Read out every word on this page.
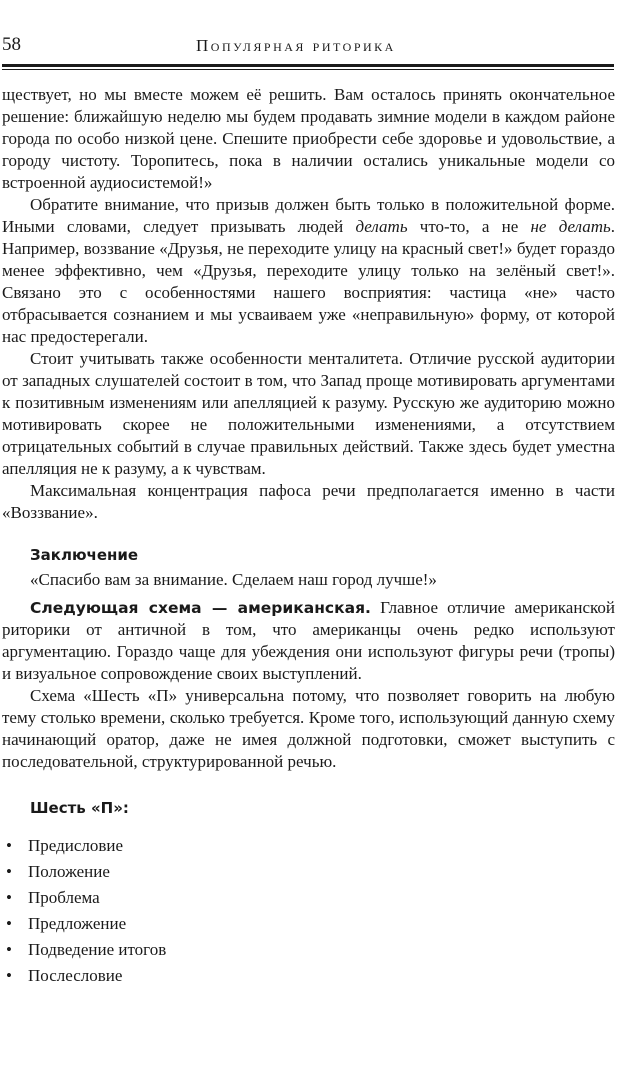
58	Популярная риторика

ществует, но мы вместе можем её решить. Вам осталось принять окончательное решение: ближайшую неделю мы будем продавать зимние модели в каждом районе города по особо низкой цене. Спешите приобрести себе здоровье и удовольствие, а городу чистоту. Торопитесь, пока в наличии остались уникальные модели со встроенной аудиосистемой!»

Обратите внимание, что призыв должен быть только в положительной форме. Иными словами, следует призывать людей делать что-то, а не не делать. Например, воззвание «Друзья, не переходите улицу на красный свет!» будет гораздо менее эффективно, чем «Друзья, переходите улицу только на зелёный свет!». Связано это с особенностями нашего восприятия: частица «не» часто отбрасывается сознанием и мы усваиваем уже «неправильную» форму, от которой нас предостерегали.

Стоит учитывать также особенности менталитета. Отличие русской аудитории от западных слушателей состоит в том, что Запад проще мотивировать аргументами к позитивным изменениям или апелляцией к разуму. Русскую же аудиторию можно мотивировать скорее не положительными изменениями, а отсутствием отрицательных событий в случае правильных действий. Также здесь будет уместна апелляция не к разуму, а к чувствам.

Максимальная концентрация пафоса речи предполагается именно в части «Воззвание».

Заключение

«Спасибо вам за внимание. Сделаем наш город лучше!»

Следующая схема — американская. Главное отличие американской риторики от античной в том, что американцы очень редко используют аргументацию. Гораздо чаще для убеждения они используют фигуры речи (тропы) и визуальное сопровождение своих выступлений.

Схема «Шесть «П» универсальна потому, что позволяет говорить на любую тему столько времени, сколько требуется. Кроме того, использующий данную схему начинающий оратор, даже не имея должной подготовки, сможет выступить с последовательной, структурированной речью.

Шесть «П»:

• Предисловие
• Положение
• Проблема
• Предложение
• Подведение итогов
• Послесловие
